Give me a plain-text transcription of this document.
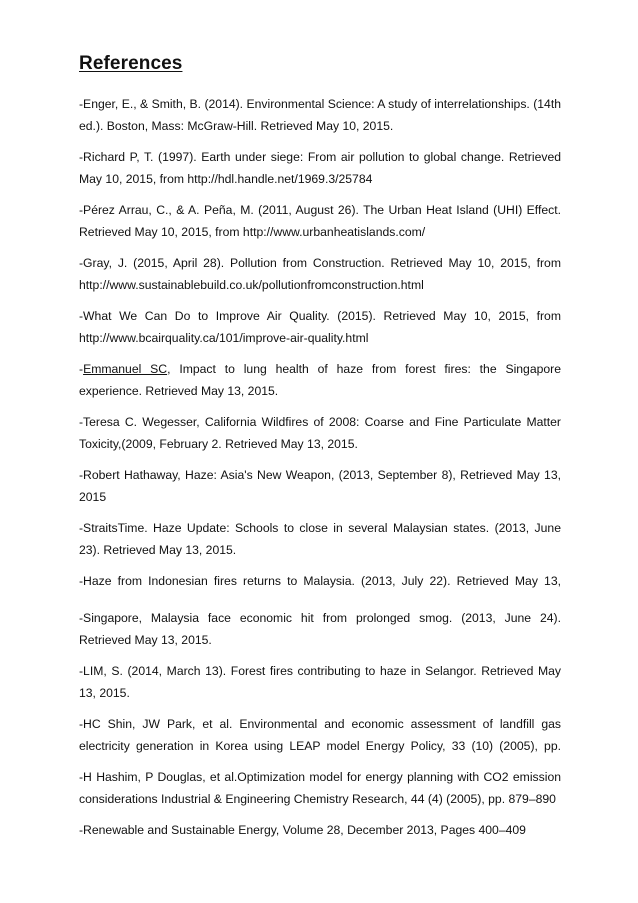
References
-Enger, E., & Smith, B. (2014). Environmental Science: A study of interrelationships. (14th ed.). Boston, Mass: McGraw-Hill. Retrieved May 10, 2015.
-Richard P, T. (1997). Earth under siege: From air pollution to global change. Retrieved May 10, 2015, from http://hdl.handle.net/1969.3/25784
-Pérez Arrau, C., & A. Peña, M. (2011, August 26). The Urban Heat Island (UHI) Effect. Retrieved May 10, 2015, from http://www.urbanheatislands.com/
-Gray, J. (2015, April 28). Pollution from Construction. Retrieved May 10, 2015, from http://www.sustainablebuild.co.uk/pollutionfromconstruction.html
-What We Can Do to Improve Air Quality. (2015). Retrieved May 10, 2015, from http://www.bcairquality.ca/101/improve-air-quality.html
-Emmanuel SC, Impact to lung health of haze from forest fires: the Singapore experience. Retrieved May 13, 2015.
-Teresa C. Wegesser, California Wildfires of 2008: Coarse and Fine Particulate Matter Toxicity,(2009, February 2. Retrieved May 13, 2015.
-Robert Hathaway, Haze: Asia's New Weapon, (2013, September 8), Retrieved May 13, 2015
-StraitsTime. Haze Update: Schools to close in several Malaysian states. (2013, June 23). Retrieved May 13, 2015.
-Haze from Indonesian fires returns to Malaysia. (2013, July 22). Retrieved May 13,
-Singapore, Malaysia face economic hit from prolonged smog. (2013, June 24). Retrieved May 13, 2015.
-LIM, S. (2014, March 13). Forest fires contributing to haze in Selangor. Retrieved May 13, 2015.
-HC Shin, JW Park, et al. Environmental and economic assessment of landfill gas electricity generation in Korea using LEAP model Energy Policy, 33 (10) (2005), pp.
-H Hashim, P Douglas, et al.Optimization model for energy planning with CO2 emission considerations Industrial & Engineering Chemistry Research, 44 (4) (2005), pp. 879–890
-Renewable and Sustainable Energy, Volume 28, December 2013, Pages 400–409
